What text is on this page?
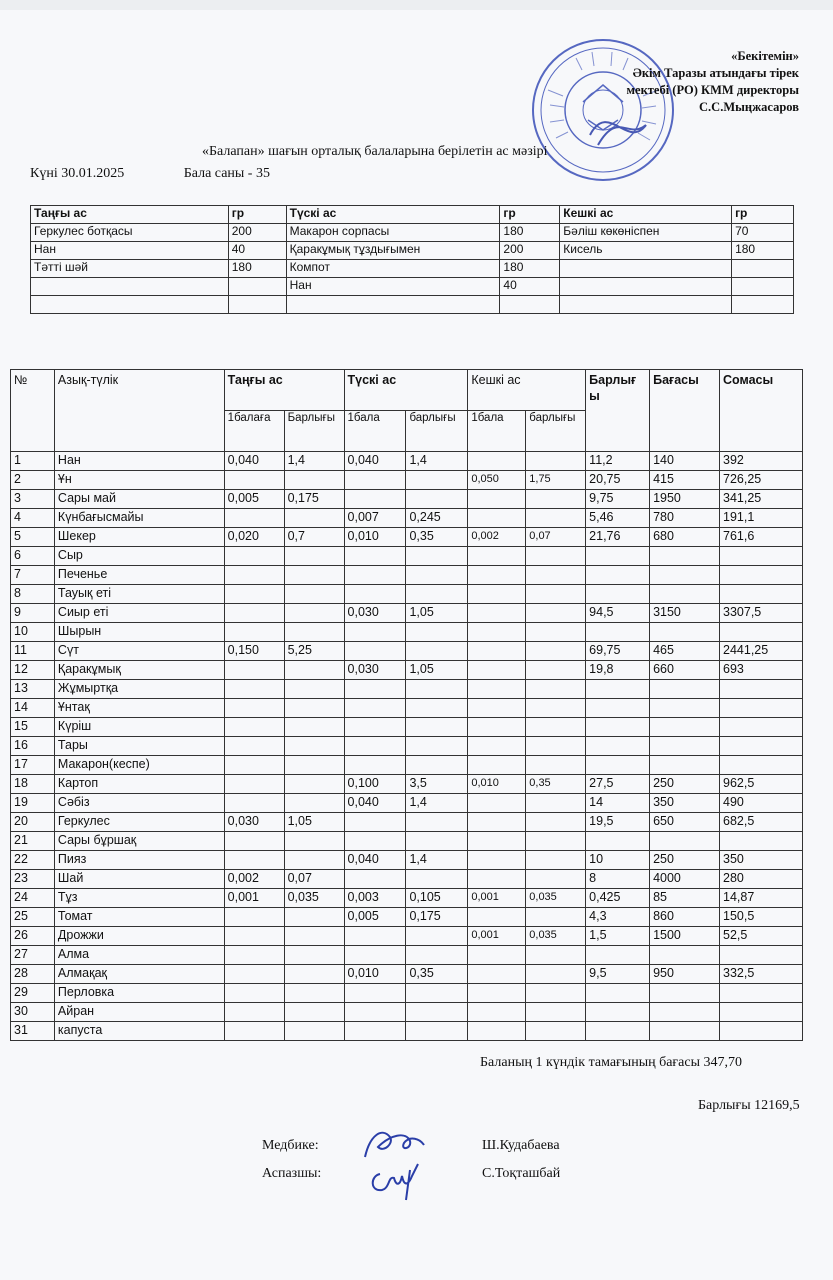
«Бекітемін»
Әкім Таразы атындағы тірек
мектебі (РО) КММ директоры
С.С.Мыңжасаров
«Балапан» шағын орталық балаларына берілетін ас мәзірі
Күні 30.01.2025	Бала саны - 35
Таңғы ас	гр	Түскі ас	гр	Кешкі ас	гр
Геркулес ботқасы	200	Макарон сорпасы	180	Бәліш көкөніспен	70
Нан	40	Қаракұмық тұздығымен	200	Кисель	180
Тәтті шәй	180	Компот	180		
		Нан	40		

№	Азық-түлік	Таңғы ас		Түскі ас		Кешкі ас		Барлығы	Бағасы	Сомасы
		1балаға	Барлығы	1бала	барлығы	1бала	барлығы			
1	Нан	0,040	1,4	0,040	1,4			11,2	140	392
2	Ұн					0,050	1,75	20,75	415	726,25
3	Сары май	0,005	0,175					9,75	1950	341,25
4	Күнбағысмайы			0,007	0,245			5,46	780	191,1
5	Шекер	0,020	0,7	0,010	0,35	0,002	0,07	21,76	680	761,6
6	Сыр									
7	Печенье									
8	Тауық еті									
9	Сиыр еті			0,030	1,05			94,5	3150	3307,5
10	Шырын									
11	Сүт	0,150	5,25					69,75	465	2441,25
12	Қаракұмық			0,030	1,05			19,8	660	693
13	Жұмыртқа									
14	Ұнтақ									
15	Күріш									
16	Тары									
17	Макарон(кеспе)									
18	Картоп			0,100	3,5	0,010	0,35	27,5	250	962,5
19	Сәбіз			0,040	1,4			14	350	490
20	Геркулес	0,030	1,05					19,5	650	682,5
21	Сары бұршақ									
22	Пияз			0,040	1,4			10	250	350
23	Шай	0,002	0,07					8	4000	280
24	Тұз	0,001	0,035	0,003	0,105	0,001	0,035	0,425	85	14,87
25	Томат			0,005	0,175			4,3	860	150,5
26	Дрожжи					0,001	0,035	1,5	1500	52,5
27	Алма									
28	Алмақақ			0,010	0,35			9,5	950	332,5
29	Перловка									
30	Айран									
31	капуста									
Баланың 1 күндік тамағының бағасы 347,70
Барлығы 12169,5
Медбике:	Ш.Кудабаева
Аспазшы:	С.Тоқташбай
